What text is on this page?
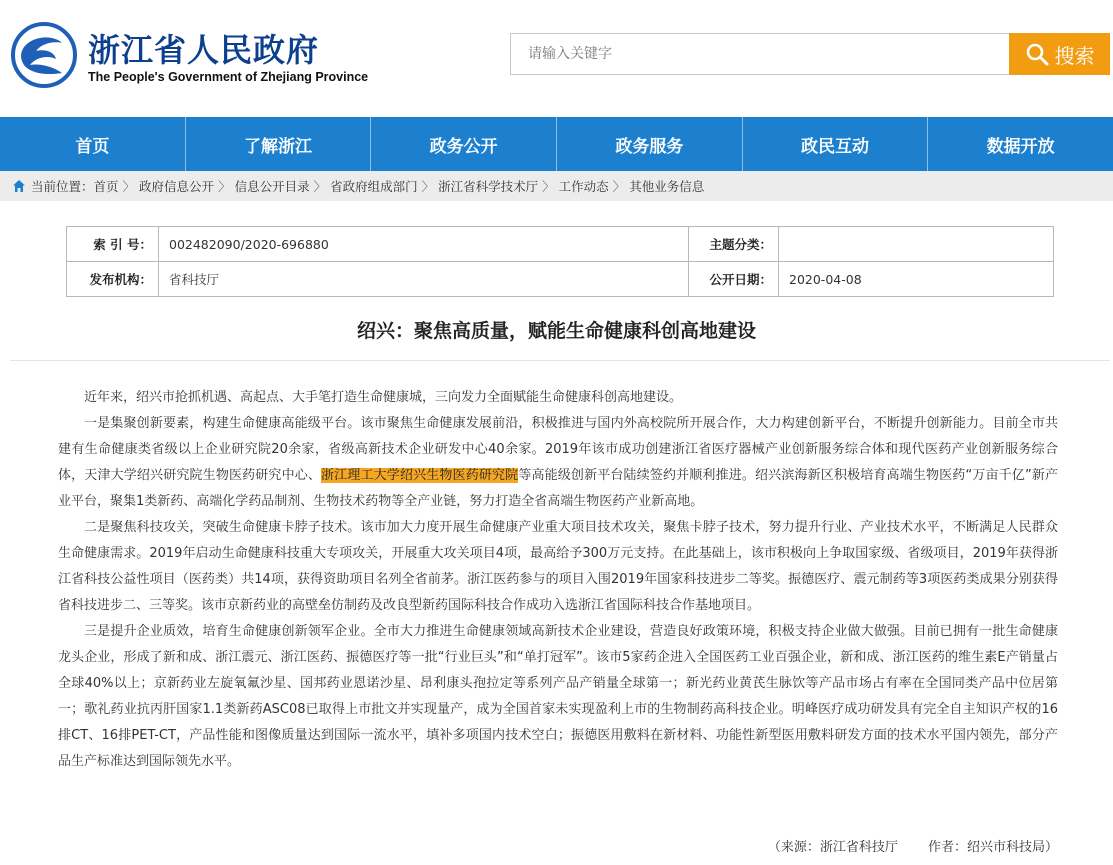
浙江省人民政府
The People's Government of Zhejiang Province
请输入关键字
搜索
首页	了解浙江	政务公开	政务服务	政民互动	数据开放
当前位置： 首页 〉 政府信息公开 〉 信息公开目录 〉 省政府组成部门 〉 浙江省科学技术厅 〉 工作动态 〉 其他业务信息
索 引 号：	002482090/2020-696880	主题分类：
发布机构：	省科技厅	公开日期：	2020-04-08
绍兴：聚焦高质量，赋能生命健康科创高地建设

近年来，绍兴市抢抓机遇、高起点、大手笔打造生命健康城，三向发力全面赋能生命健康科创高地建设。

一是集聚创新要素，构建生命健康高能级平台。该市聚焦生命健康发展前沿，积极推进与国内外高校院所开展合作，大力构建创新平台，不断提升创新能力。目前全市共建有生命健康类省级以上企业研究院20余家，省级高新技术企业研发中心40余家。2019年该市成功创建浙江省医疗器械产业创新服务综合体和现代医药产业创新服务综合体，天津大学绍兴研究院生物医药研究中心、浙江理工大学绍兴生物医药研究院等高能级创新平台陆续签约并顺利推进。绍兴滨海新区积极培育高端生物医药“万亩千亿”新产业平台，聚集1类新药、高端化学药品制剂、生物技术药物等全产业链，努力打造全省高端生物医药产业新高地。

二是聚焦科技攻关，突破生命健康卡脖子技术。该市加大力度开展生命健康产业重大项目技术攻关，聚焦卡脖子技术，努力提升行业、产业技术水平，不断满足人民群众生命健康需求。2019年启动生命健康科技重大专项攻关，开展重大攻关项目4项，最高给予300万元支持。在此基础上，该市积极向上争取国家级、省级项目，2019年获得浙江省科技公益性项目（医药类）共14项，获得资助项目名列全省前茅。浙江医药参与的项目入围2019年国家科技进步二等奖。振德医疗、震元制药等3项医药类成果分别获得省科技进步二、三等奖。该市京新药业的高壁垒仿制药及改良型新药国际科技合作成功入选浙江省国际科技合作基地项目。

三是提升企业质效，培育生命健康创新领军企业。全市大力推进生命健康领域高新技术企业建设，营造良好政策环境，积极支持企业做大做强。目前已拥有一批生命健康龙头企业，形成了新和成、浙江震元、浙江医药、振德医疗等一批“行业巨头”和“单打冠军”。该市5家药企进入全国医药工业百强企业，新和成、浙江医药的维生素E产销量占全球40%以上；京新药业左旋氧氟沙星、国邦药业恩诺沙星、昂利康头孢拉定等系列产品产销量全球第一；新光药业黄芪生脉饮等产品市场占有率在全国同类产品中位居第一；歌礼药业抗丙肝国家1.1类新药ASC08已取得上市批文并实现量产，成为全国首家未实现盈利上市的生物制药高科技企业。明峰医疗成功研发具有完全自主知识产权的16排CT、16排PET-CT，产品性能和图像质量达到国际一流水平，填补多项国内技术空白；振德医用敷料在新材料、功能性新型医用敷料研发方面的技术水平国内领先，部分产品生产标准达到国际领先水平。

（来源：浙江省科技厅 作者：绍兴市科技局）
